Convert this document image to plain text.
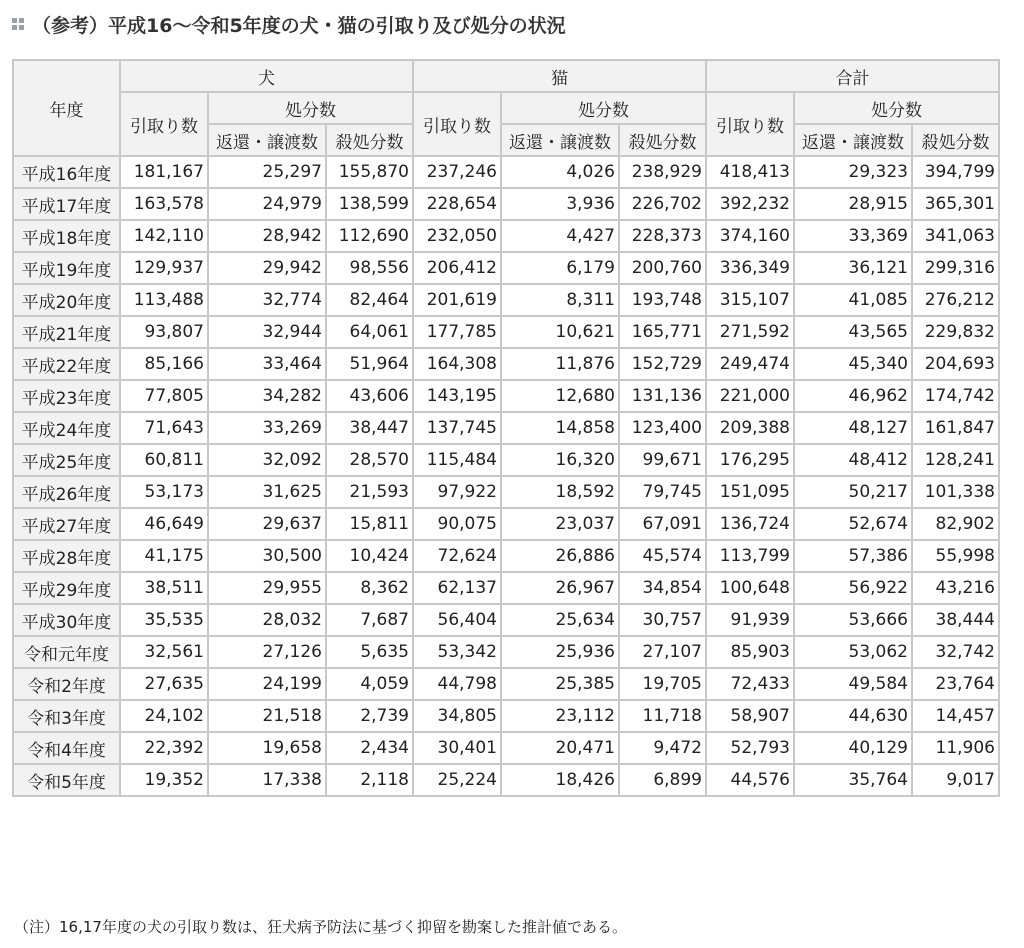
（参考）平成16〜令和5年度の犬・猫の引取り及び処分の状況
年度	犬			猫			合計		
	引取り数	処分数		引取り数	処分数		引取り数	処分数	
		返還・譲渡数	殺処分数		返還・譲渡数	殺処分数		返還・譲渡数	殺処分数
平成16年度	181,167	25,297	155,870	237,246	4,026	238,929	418,413	29,323	394,799
平成17年度	163,578	24,979	138,599	228,654	3,936	226,702	392,232	28,915	365,301
平成18年度	142,110	28,942	112,690	232,050	4,427	228,373	374,160	33,369	341,063
平成19年度	129,937	29,942	98,556	206,412	6,179	200,760	336,349	36,121	299,316
平成20年度	113,488	32,774	82,464	201,619	8,311	193,748	315,107	41,085	276,212
平成21年度	93,807	32,944	64,061	177,785	10,621	165,771	271,592	43,565	229,832
平成22年度	85,166	33,464	51,964	164,308	11,876	152,729	249,474	45,340	204,693
平成23年度	77,805	34,282	43,606	143,195	12,680	131,136	221,000	46,962	174,742
平成24年度	71,643	33,269	38,447	137,745	14,858	123,400	209,388	48,127	161,847
平成25年度	60,811	32,092	28,570	115,484	16,320	99,671	176,295	48,412	128,241
平成26年度	53,173	31,625	21,593	97,922	18,592	79,745	151,095	50,217	101,338
平成27年度	46,649	29,637	15,811	90,075	23,037	67,091	136,724	52,674	82,902
平成28年度	41,175	30,500	10,424	72,624	26,886	45,574	113,799	57,386	55,998
平成29年度	38,511	29,955	8,362	62,137	26,967	34,854	100,648	56,922	43,216
平成30年度	35,535	28,032	7,687	56,404	25,634	30,757	91,939	53,666	38,444
令和元年度	32,561	27,126	5,635	53,342	25,936	27,107	85,903	53,062	32,742
令和2年度	27,635	24,199	4,059	44,798	25,385	19,705	72,433	49,584	23,764
令和3年度	24,102	21,518	2,739	34,805	23,112	11,718	58,907	44,630	14,457
令和4年度	22,392	19,658	2,434	30,401	20,471	9,472	52,793	40,129	11,906
令和5年度	19,352	17,338	2,118	25,224	18,426	6,899	44,576	35,764	9,017
（注）16,17年度の犬の引取り数は、狂犬病予防法に基づく抑留を勘案した推計値である。
